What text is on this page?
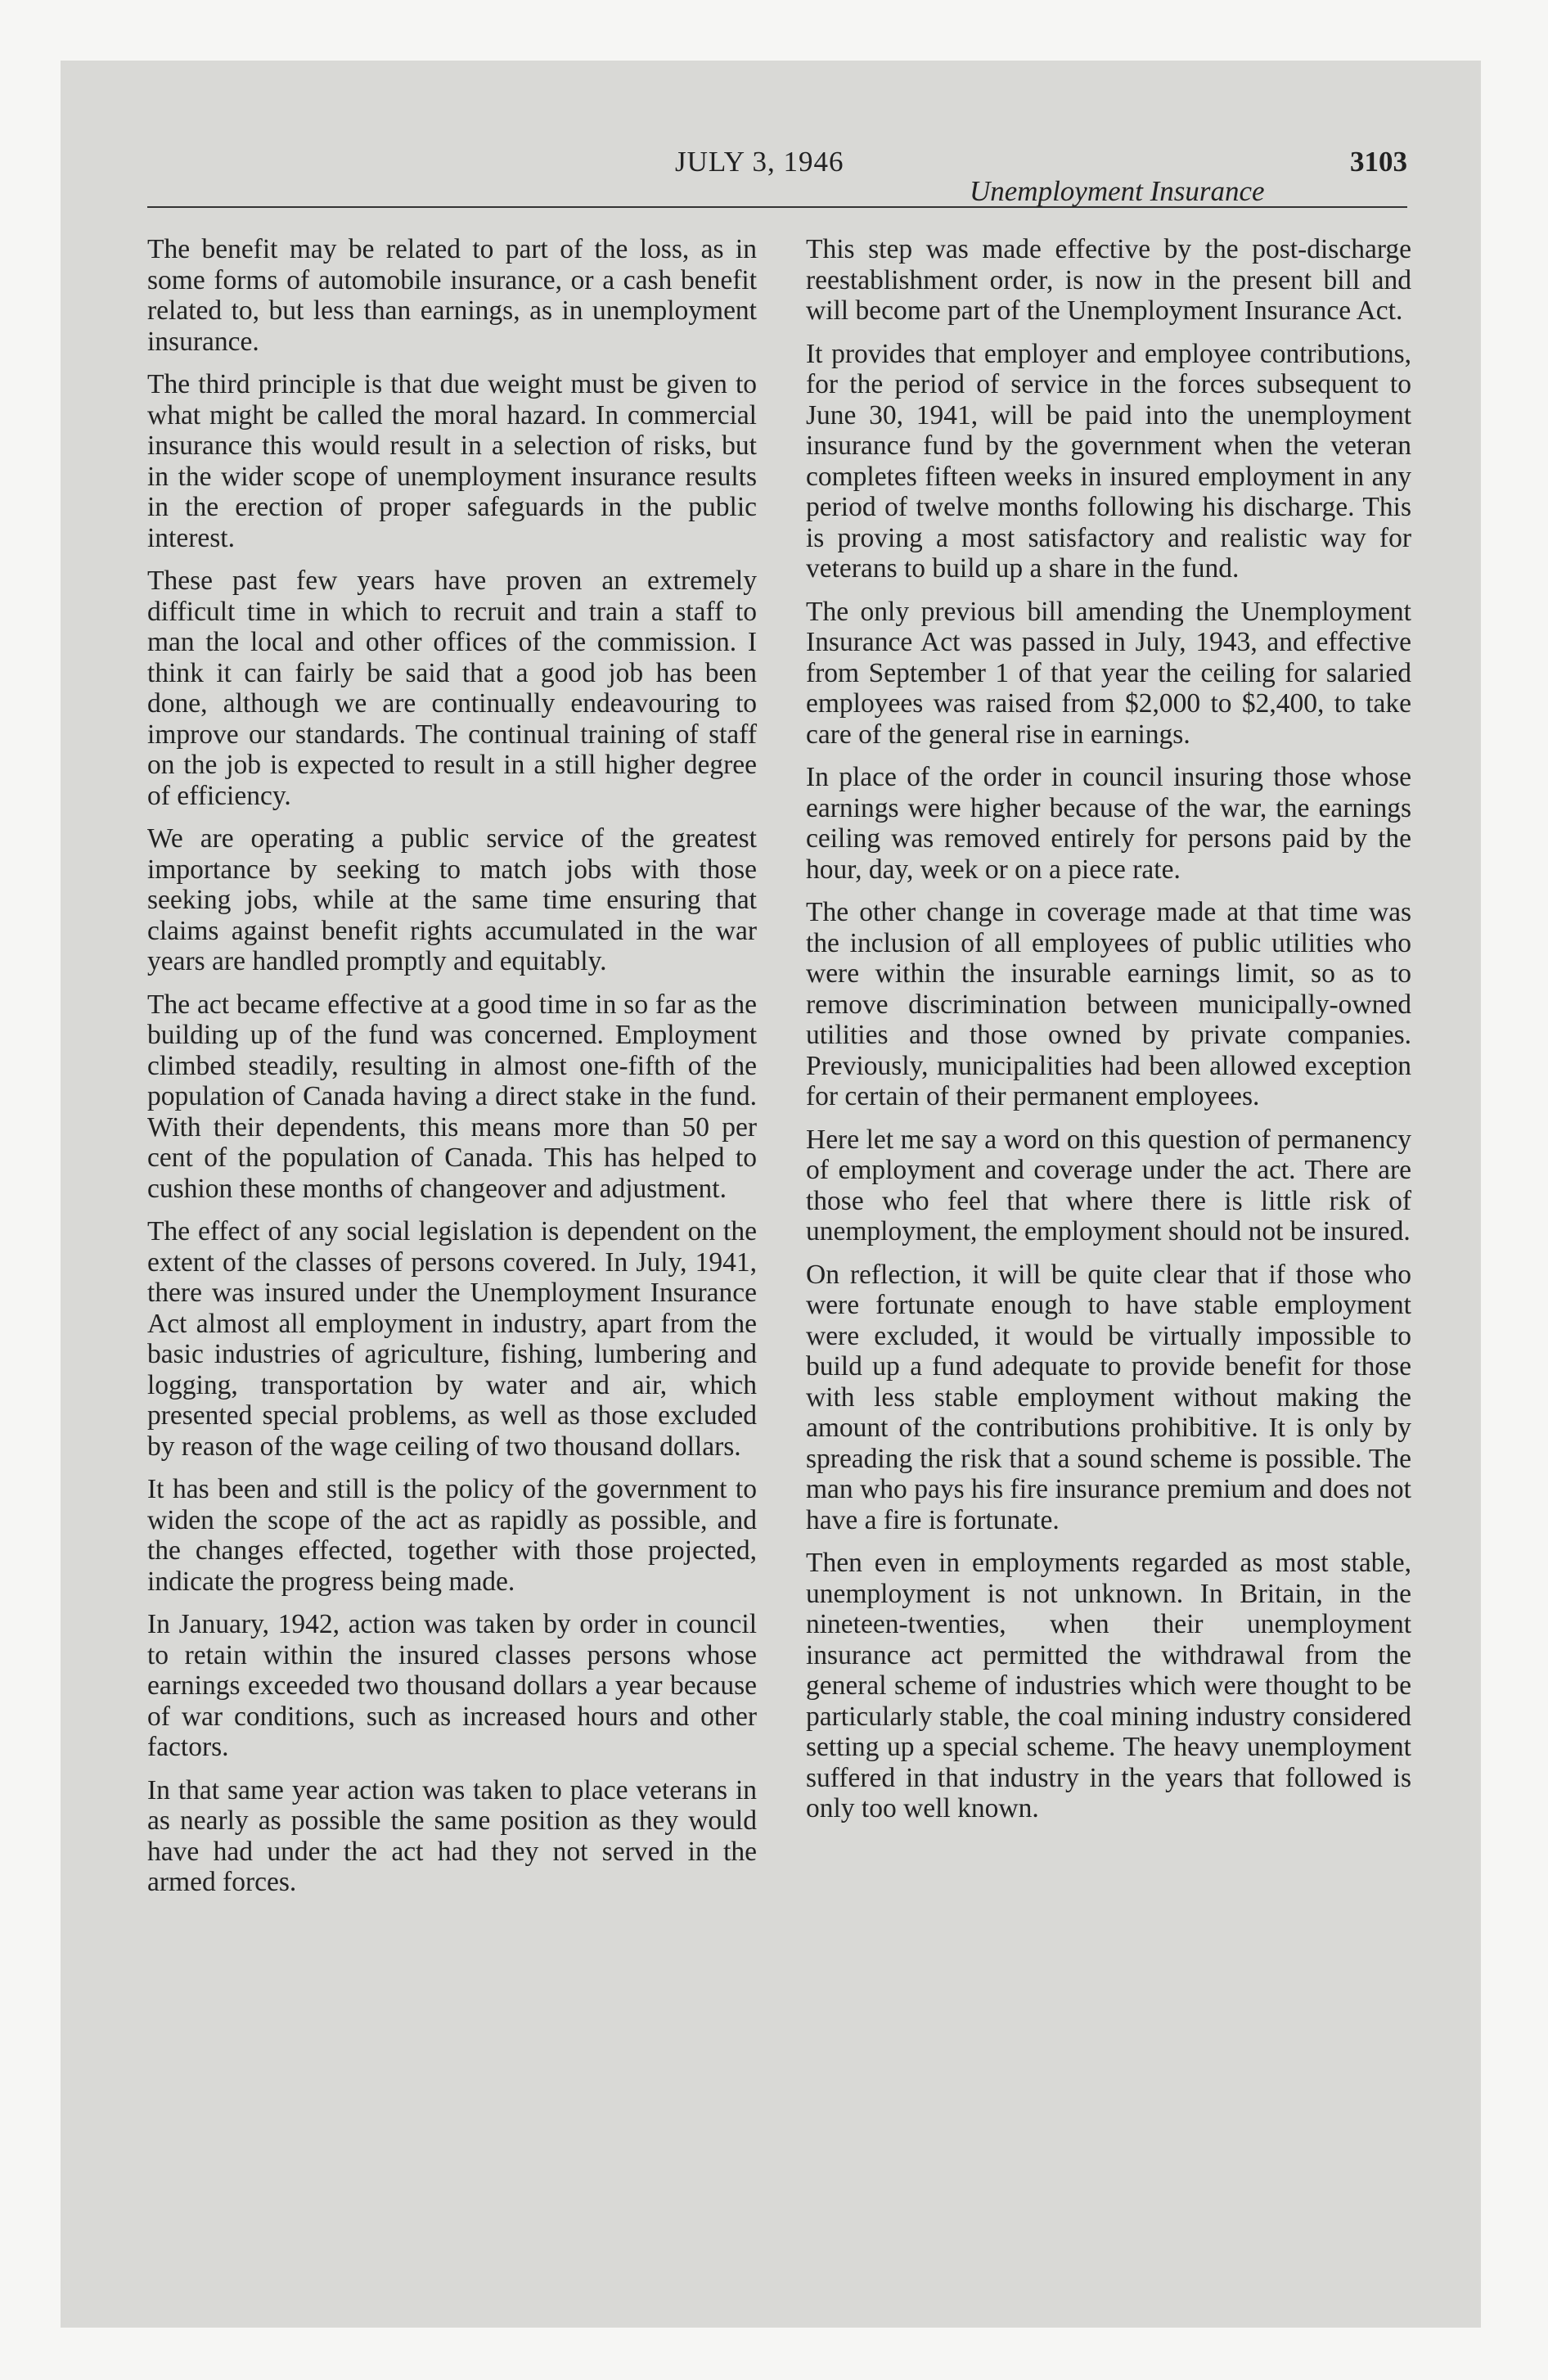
JULY 3, 1946
Unemployment Insurance
3103

The benefit may be related to part of the loss, as in some forms of automobile insurance, or a cash benefit related to, but less than earnings, as in unemployment insurance.

The third principle is that due weight must be given to what might be called the moral hazard. In commercial insurance this would result in a selection of risks, but in the wider scope of unemployment insurance results in the erection of proper safeguards in the public interest.

These past few years have proven an extremely difficult time in which to recruit and train a staff to man the local and other offices of the commission. I think it can fairly be said that a good job has been done, although we are continually endeavouring to improve our standards. The continual training of staff on the job is expected to result in a still higher degree of efficiency.

We are operating a public service of the greatest importance by seeking to match jobs with those seeking jobs, while at the same time ensuring that claims against benefit rights accumulated in the war years are handled promptly and equitably.

The act became effective at a good time in so far as the building up of the fund was concerned. Employment climbed steadily, resulting in almost one-fifth of the population of Canada having a direct stake in the fund. With their dependents, this means more than 50 per cent of the population of Canada. This has helped to cushion these months of changeover and adjustment.

The effect of any social legislation is dependent on the extent of the classes of persons covered. In July, 1941, there was insured under the Unemployment Insurance Act almost all employment in industry, apart from the basic industries of agriculture, fishing, lumbering and logging, transportation by water and air, which presented special problems, as well as those excluded by reason of the wage ceiling of two thousand dollars.

It has been and still is the policy of the government to widen the scope of the act as rapidly as possible, and the changes effected, together with those projected, indicate the progress being made.

In January, 1942, action was taken by order in council to retain within the insured classes persons whose earnings exceeded two thousand dollars a year because of war conditions, such as increased hours and other factors.

In that same year action was taken to place veterans in as nearly as possible the same position as they would have had under the act had they not served in the armed forces.

This step was made effective by the post-discharge reestablishment order, is now in the present bill and will become part of the Unemployment Insurance Act.

It provides that employer and employee contributions, for the period of service in the forces subsequent to June 30, 1941, will be paid into the unemployment insurance fund by the government when the veteran completes fifteen weeks in insured employment in any period of twelve months following his discharge. This is proving a most satisfactory and realistic way for veterans to build up a share in the fund.

The only previous bill amending the Unemployment Insurance Act was passed in July, 1943, and effective from September 1 of that year the ceiling for salaried employees was raised from $2,000 to $2,400, to take care of the general rise in earnings.

In place of the order in council insuring those whose earnings were higher because of the war, the earnings ceiling was removed entirely for persons paid by the hour, day, week or on a piece rate.

The other change in coverage made at that time was the inclusion of all employees of public utilities who were within the insurable earnings limit, so as to remove discrimination between municipally-owned utilities and those owned by private companies. Previously, municipalities had been allowed exception for certain of their permanent employees.

Here let me say a word on this question of permanency of employment and coverage under the act. There are those who feel that where there is little risk of unemployment, the employment should not be insured.

On reflection, it will be quite clear that if those who were fortunate enough to have stable employment were excluded, it would be virtually impossible to build up a fund adequate to provide benefit for those with less stable employment without making the amount of the contributions prohibitive. It is only by spreading the risk that a sound scheme is possible. The man who pays his fire insurance premium and does not have a fire is fortunate.

Then even in employments regarded as most stable, unemployment is not unknown. In Britain, in the nineteen-twenties, when their unemployment insurance act permitted the withdrawal from the general scheme of industries which were thought to be particularly stable, the coal mining industry considered setting up a special scheme. The heavy unemployment suffered in that industry in the years that followed is only too well known.
